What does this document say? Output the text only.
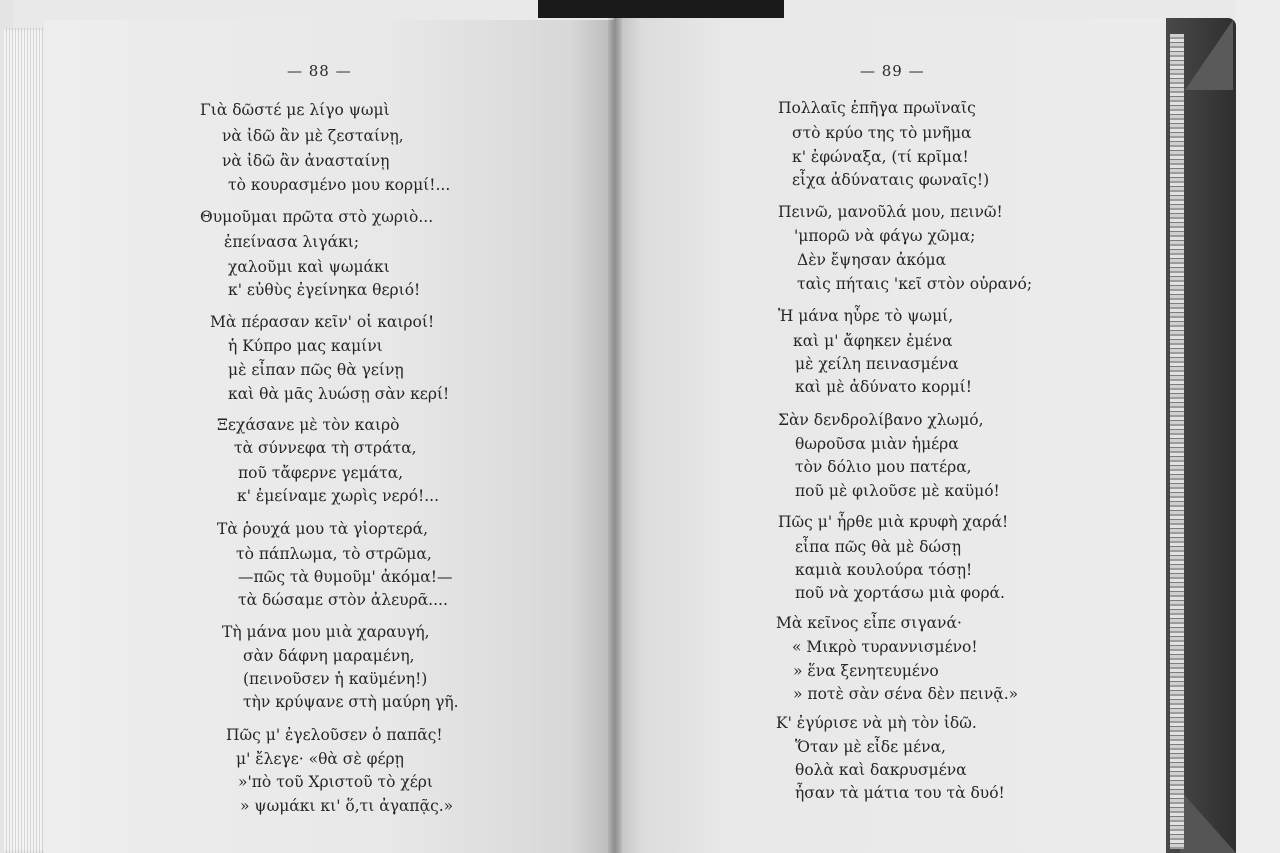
— 88 —
Γιὰ δῶστέ με λίγο ψωμὶ
νὰ ἰδῶ ἂν μὲ ζεσταίνῃ,
νὰ ἰδῶ ἂν ἀνασταίνῃ
τὸ κουρασμένο μου κορμί!...
Θυμοῦμαι πρῶτα στὸ χωριὸ...
ἐπείνασα λιγάκι;
χαλοῦμι καὶ ψωμάκι
κ' εὐθὺς ἐγείνηκα θεριό!
Μὰ πέρασαν κεῖν' οἱ καιροί!
ἡ Κύπρο μας καμίνι
μὲ εἶπαν πῶς θὰ γείνῃ
καὶ θὰ μᾶς λυώσῃ σὰν κερί!
Ξεχάσανε μὲ τὸν καιρὸ
τὰ σύννεφα τὴ στράτα,
ποῦ τἄφερνε γεμάτα,
κ' ἐμείναμε χωρὶς νερό!...
Τὰ ῥουχά μου τὰ γἰορτερά,
τὸ πάπλωμα, τὸ στρῶμα,
—πῶς τὰ θυμοῦμ' ἀκόμα!—
τὰ δώσαμε στὸν ἀλευρᾶ....
Τὴ μάνα μου μιὰ χαραυγή,
σὰν δάφνη μαραμένη,
(πεινοῦσεν ἡ καϋμένη!)
τὴν κρύψανε στὴ μαύρη γῆ.
Πῶς μ' ἐγελοῦσεν ὁ παπᾶς!
μ' ἔλεγε· «θὰ σὲ φέρῃ
»'πὸ τοῦ Χριστοῦ τὸ χέρι
» ψωμάκι κι' ὅ,τι ἀγαπᾷς.»
— 89 —
Πολλαῖς ἐπῆγα πρωϊναῖς
στὸ κρύο της τὸ μνῆμα
κ' ἐφώναξα, (τί κρῖμα!
εἶχα ἀδύναταις φωναῖς!)
Πεινῶ, μανοῦλά μου, πεινῶ!
'μπορῶ νὰ φάγω χῶμα;
Δὲν ἔψησαν ἀκόμα
ταὶς πήταις 'κεῖ στὸν οὐρανό;
Ἡ μάνα ηὗρε τὸ ψωμί,
καὶ μ' ἄφηκεν ἐμένα
μὲ χείλη πεινασμένα
καὶ μὲ ἀδύνατο κορμί!
Σὰν δενδρολίβανο χλωμό,
θωροῦσα μιὰν ἡμέρα
τὸν δόλιο μου πατέρα,
ποῦ μὲ φιλοῦσε μὲ καϋμό!
Πῶς μ' ἦρθε μιὰ κρυφὴ χαρά!
εἶπα πῶς θὰ μὲ δώσῃ
καμιὰ κουλούρα τόσῃ!
ποῦ νὰ χορτάσω μιὰ φορά.
Μὰ κεῖνος εἶπε σιγανά·
« Μικρὸ τυραννισμένο!
» ἕνα ξενητευμένο
» ποτὲ σὰν σένα δὲν πεινᾷ.»
Κ' ἐγύρισε νὰ μὴ τὸν ἰδῶ.
Ὅταν μὲ εἶδε μένα,
θολὰ καὶ δακρυσμένα
ἦσαν τὰ μάτια του τὰ δυό!
